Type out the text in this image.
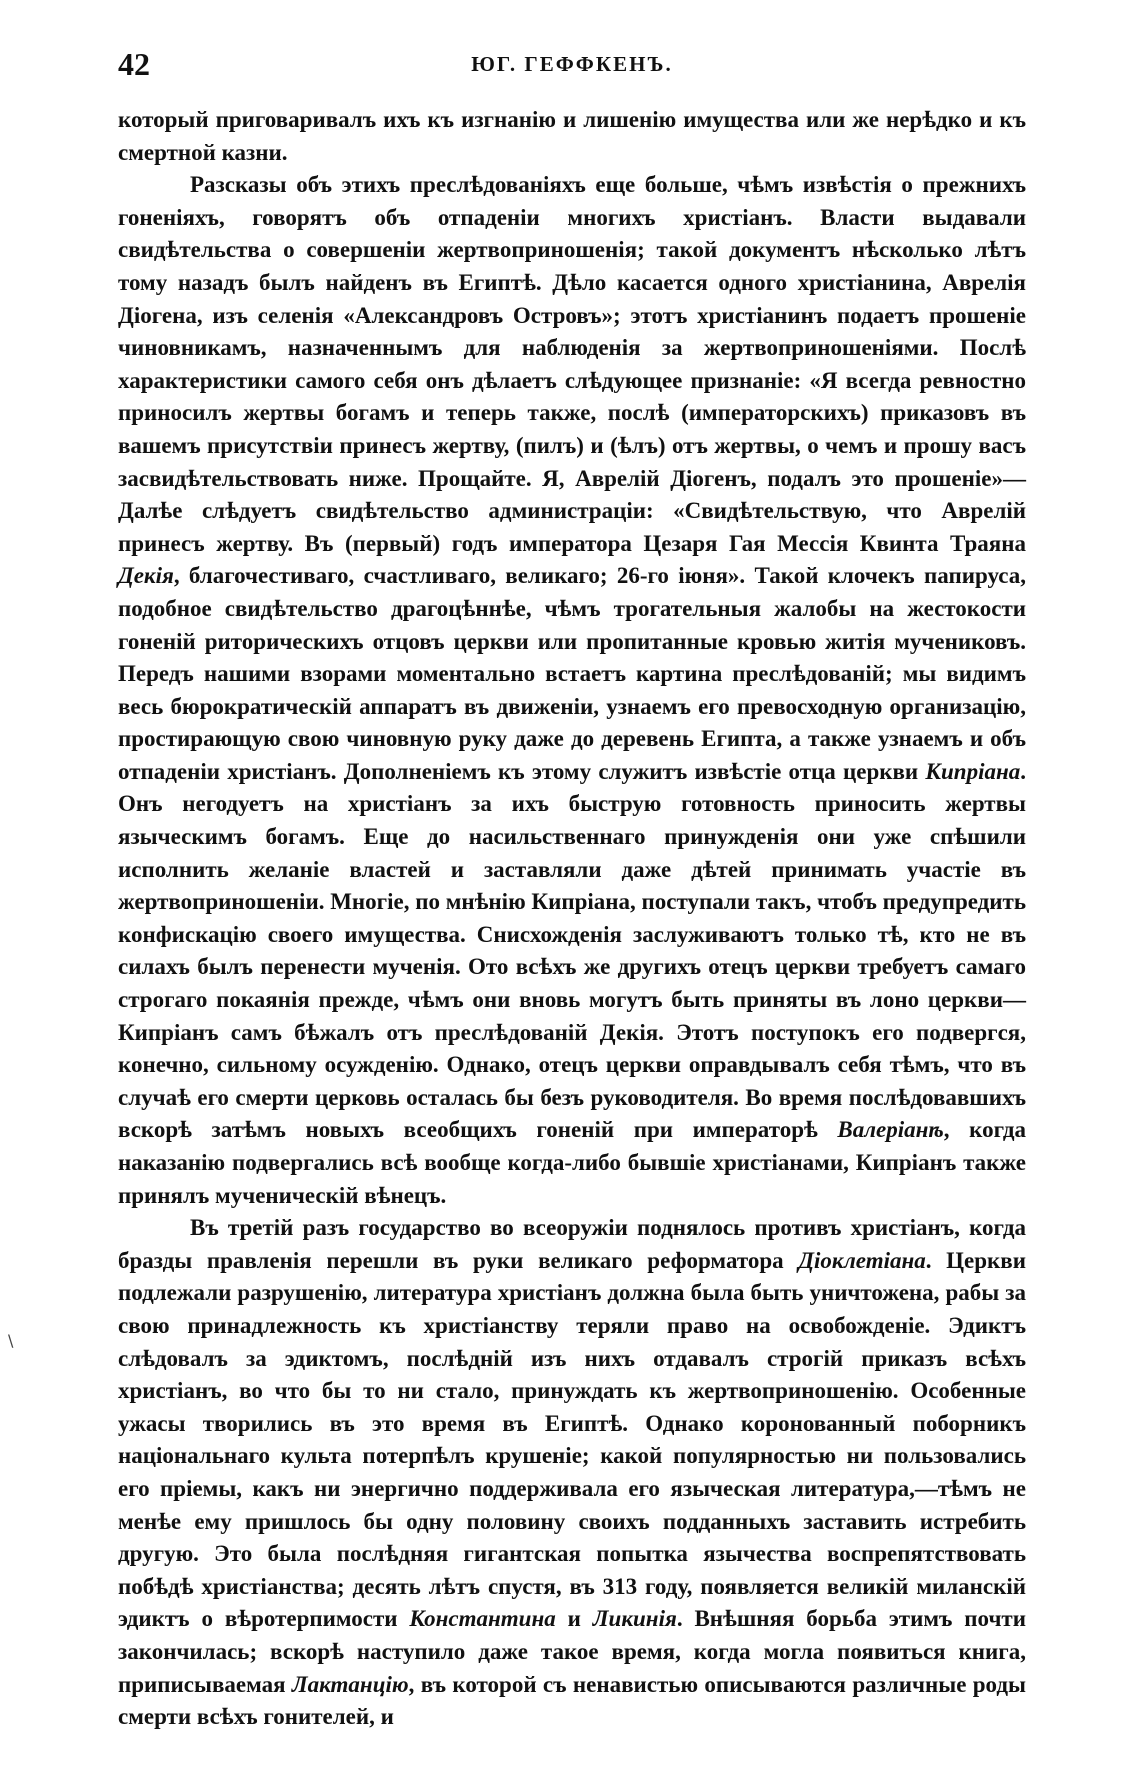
42	ЮГ. ГЕФФКЕНЪ.

который приговаривалъ ихъ къ изгнанію и лишенію имущества или же нерѣдко и къ смертной казни.

Разсказы объ этихъ преслѣдованіяхъ еще больше, чѣмъ извѣстія о прежнихъ гоненіяхъ, говорятъ объ отпаденіи многихъ христіанъ. Власти выдавали свидѣтельства о совершеніи жертвоприношенія; такой документъ нѣсколько лѣтъ тому назадъ былъ найденъ въ Египтѣ. Дѣло касается одного христіанина, Аврелія Діогена, изъ селенія «Александровъ Островъ»; этотъ христіанинъ подаетъ прошеніе чиновникамъ, назначеннымъ для наблюденія за жертвоприношеніями. Послѣ характеристики самого себя онъ дѣлаетъ слѣдующее признаніе: «Я всегда ревностно приносилъ жертвы богамъ и теперь также, послѣ (императорскихъ) приказовъ въ вашемъ присутствіи принесъ жертву, (пилъ) и (ѣлъ) отъ жертвы, о чемъ и прошу васъ засвидѣтельствовать ниже. Прощайте. Я, Аврелій Діогенъ, подалъ это прошеніе»—Далѣе слѣдуетъ свидѣтельство администраціи: «Свидѣтельствую, что Аврелій принесъ жертву. Въ (первый) годъ императора Цезаря Гая Мессія Квинта Траяна Декія, благочестиваго, счастливаго, великаго; 26-го іюня». Такой клочекъ папируса, подобное свидѣтельство драгоцѣннѣе, чѣмъ трогательныя жалобы на жестокости гоненій риторическихъ отцовъ церкви или пропитанные кровью житія мучениковъ. Передъ нашими взорами моментально встаетъ картина преслѣдованій; мы видимъ весь бюрократическій аппаратъ въ движеніи, узнаемъ его превосходную организацію, простирающую свою чиновную руку даже до деревень Египта, а также узнаемъ и объ отпаденіи христіанъ. Дополненіемъ къ этому служитъ извѣстіе отца церкви Кипріана. Онъ негодуетъ на христіанъ за ихъ быструю готовность приносить жертвы языческимъ богамъ. Еще до насильственнаго принужденія они уже спѣшили исполнить желаніе властей и заставляли даже дѣтей принимать участіе въ жертвоприношеніи. Многіе, по мнѣнію Кипріана, поступали такъ, чтобъ предупредить конфискацію своего имущества. Снисхожденія заслуживаютъ только тѣ, кто не въ силахъ былъ перенести мученія. Ото всѣхъ же другихъ отецъ церкви требуетъ самаго строгаго покаянія прежде, чѣмъ они вновь могутъ быть приняты въ лоно церкви—Кипріанъ самъ бѣжалъ отъ преслѣдованій Декія. Этотъ поступокъ его подвергся, конечно, сильному осужденію. Однако, отецъ церкви оправдывалъ себя тѣмъ, что въ случаѣ его смерти церковь осталась бы безъ руководителя. Во время послѣдовавшихъ вскорѣ затѣмъ новыхъ всеобщихъ гоненій при императорѣ Валеріанѣ, когда наказанію подвергались всѣ вообще когда-либо бывшіе христіанами, Кипріанъ также принялъ мученическій вѣнецъ.

Въ третій разъ государство во всеоружіи поднялось противъ христіанъ, когда бразды правленія перешли въ руки великаго реформатора Діоклетіана. Церкви подлежали разрушенію, литература христіанъ должна была быть уничтожена, рабы за свою принадлежность къ христіанству теряли право на освобожденіе. Эдиктъ слѣдовалъ за эдиктомъ, послѣдній изъ нихъ отдавалъ строгій приказъ всѣхъ христіанъ, во что бы то ни стало, принуждать къ жертвоприношенію. Особенные ужасы творились въ это время въ Египтѣ. Однако коронованный поборникъ національнаго культа потерпѣлъ крушеніе; какой популярностью ни пользовались его пріемы, какъ ни энергично поддерживала его языческая литература,—тѣмъ не менѣе ему пришлось бы одну половину своихъ подданныхъ заставить истребить другую. Это была послѣдняя гигантская попытка язычества воспрепятствовать побѣдѣ христіанства; десять лѣтъ спустя, въ 313 году, появляется великій миланскій эдиктъ о вѣротерпимости Константина и Ликинія. Внѣшняя борьба этимъ почти закончилась; вскорѣ наступило даже такое время, когда могла появиться книга, приписываемая Лактанцію, въ которой съ ненавистью описываются различные роды смерти всѣхъ гонителей, и

\
